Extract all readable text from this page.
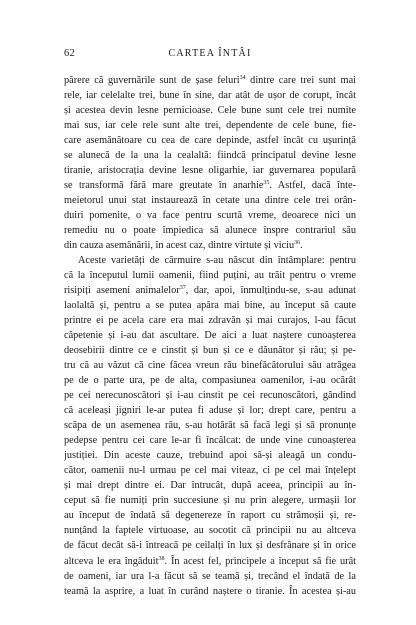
62	CARTEA ÎNTÂI
părere că guvernările sunt de șase feluri$^{34}$ dintre care trei sunt mai
rele, iar celelalte trei, bune în sine, dar atât de ușor de corupt, încât
și acestea devin lesne pernicioase. Cele bune sunt cele trei numite
mai sus, iar cele rele sunt alte trei, dependente de cele bune, fie-
care asemănătoare cu cea de care depinde, astfel încât cu ușurință
se alunecă de la una la cealaltă: fiindcă principatul devine lesne
tiranie, aristocrația devine lesne oligarhie, iar guvernarea populară
se transformă fără mare greutate în anarhie$^{35}$. Astfel, dacă înte-
meietorul unui stat instaurează în cetate una dintre cele trei orân-
duiri pomenite, o va face pentru scurtă vreme, deoarece nici un
remediu nu o poate împiedica să alunece înspre contrariul său
din cauza asemănării, în acest caz, dintre virtute și viciu$^{36}$.
Aceste varietăți de cârmuire s-au născut din întâmplare: pentru
că la începutul lumii oamenii, fiind puțini, au trăit pentru o vreme
risipiți asemeni animalelor$^{37}$, dar, apoi, înmulțindu-se, s-au adunat
laolaltă și, pentru a se putea apăra mai bine, au început să caute
printre ei pe acela care era mai zdravăn și mai curajos, l-au făcut
căpetenie și i-au dat ascultare. De aici a luat naștere cunoașterea
deosebirii dintre ce e cinstit și bun și ce e dăunător și rău; și pe-
tru că au văzut că cine făcea vreun rău binefăcătorului său atrăgea
pe de o parte ura, pe de alta, compasiunea oamenilor, i-au ocărât
pe cei nerecunoscători și i-au cinstit pe cei recunoscători, gândind
că aceleași jigniri le-ar putea fi aduse și lor; drept care, pentru a
scăpa de un asemenea rău, s-au hotărât să facă legi și să pronunțe
pedepse pentru cei care le-ar fi încălcat: de unde vine cunoașterea
justiției. Din aceste cauze, trebuind apoi să-și aleagă un condu-
cător, oamenii nu-l urmau pe cel mai viteaz, ci pe cel mai înțelept
și mai drept dintre ei. Dar întrucât, după aceea, principii au în-
ceput să fie numiți prin succesiune și nu prin alegere, urmașii lor
au început de îndată să degenereze în raport cu strămoșii și, re-
nunțând la faptele virtuoase, au socotit că principii nu au altceva
de făcut decât să-i întreacă pe ceilalți în lux și desfrânare și în orice
altceva le era îngăduit$^{38}$. În acest fel, principele a început să fie urât
de oameni, iar ura l-a făcut să se teamă și, trecând el îndată de la
teamă la asprire, a luat în curând naștere o tiranie. În acestea și-au
